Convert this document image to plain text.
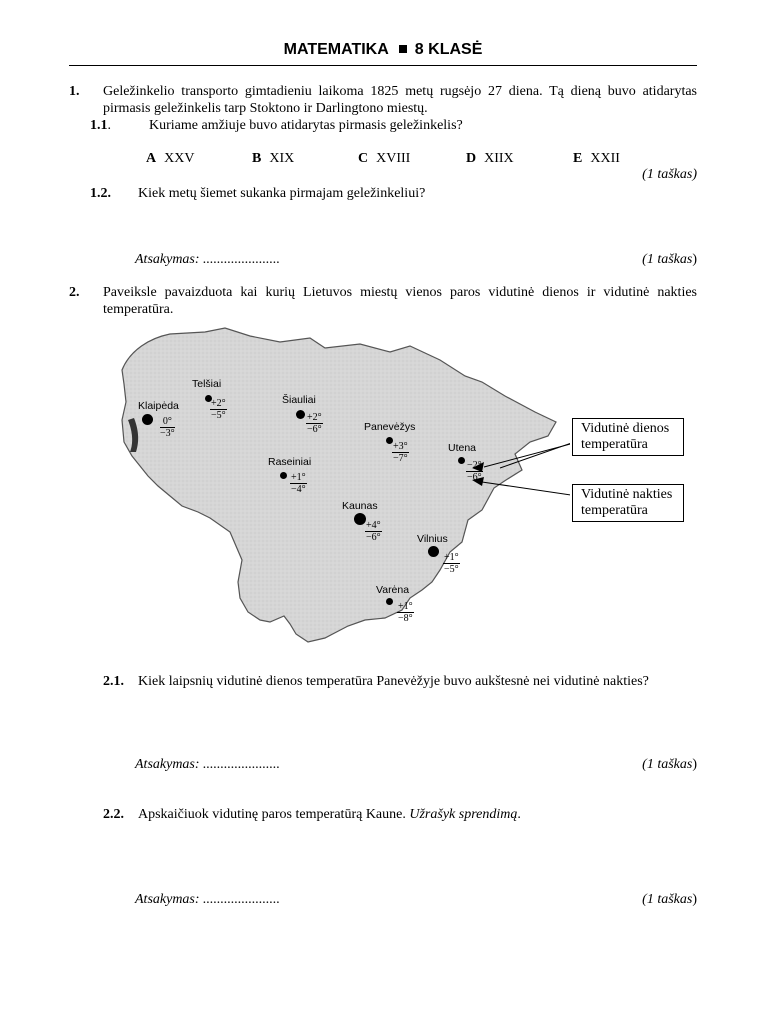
MATEMATIKA 8 KLASĖ
1. Geležinkelio transporto gimtadieniu laikoma 1825 metų rugsėjo 27 diena. Tą dieną buvo atidarytas pirmasis geležinkelis tarp Stoktono ir Darlingtono miestų.
1.1.	Kuriame amžiuje buvo atidarytas pirmasis geležinkelis?
A XXV	B XIX	C XVIII	D XIIX	E XXII
(1 taškas)
1.2. Kiek metų šiemet sukanka pirmajam geležinkeliui?
Atsakymas: ......................	(1 taškas)
2. Paveiksle pavaizduota kai kurių Lietuvos miestų vienos paros vidutinė dienos ir vidutinė nakties temperatūra.
Klaipėda
$\frac{0^\circ}{-3^\circ}$
Telšiai
$\frac{+2^\circ}{-5^\circ}$	Šiauliai
$\frac{+2^\circ}{-6^\circ}$	Panevėžys
$\frac{+3^\circ}{-7^\circ}$	Utena
$\frac{-2^\circ}{-6^\circ}$
Raseiniai
$\frac{+1^\circ}{-4^\circ}$
Kaunas
$\frac{+4^\circ}{-6^\circ}$	Vilnius
$\frac{+1^\circ}{-5^\circ}$
Varėna
$\frac{+1^\circ}{-8^\circ}$
Vidutinė dienos temperatūra
Vidutinė nakties temperatūra
2.1. Kiek laipsnių vidutinė dienos temperatūra Panevėžyje buvo aukštesnė nei vidutinė nakties?
Atsakymas: ......................	(1 taškas)
2.2. Apskaičiuok vidutinę paros temperatūrą Kaune. Užrašyk sprendimą.
Atsakymas: ......................	(1 taškas)
